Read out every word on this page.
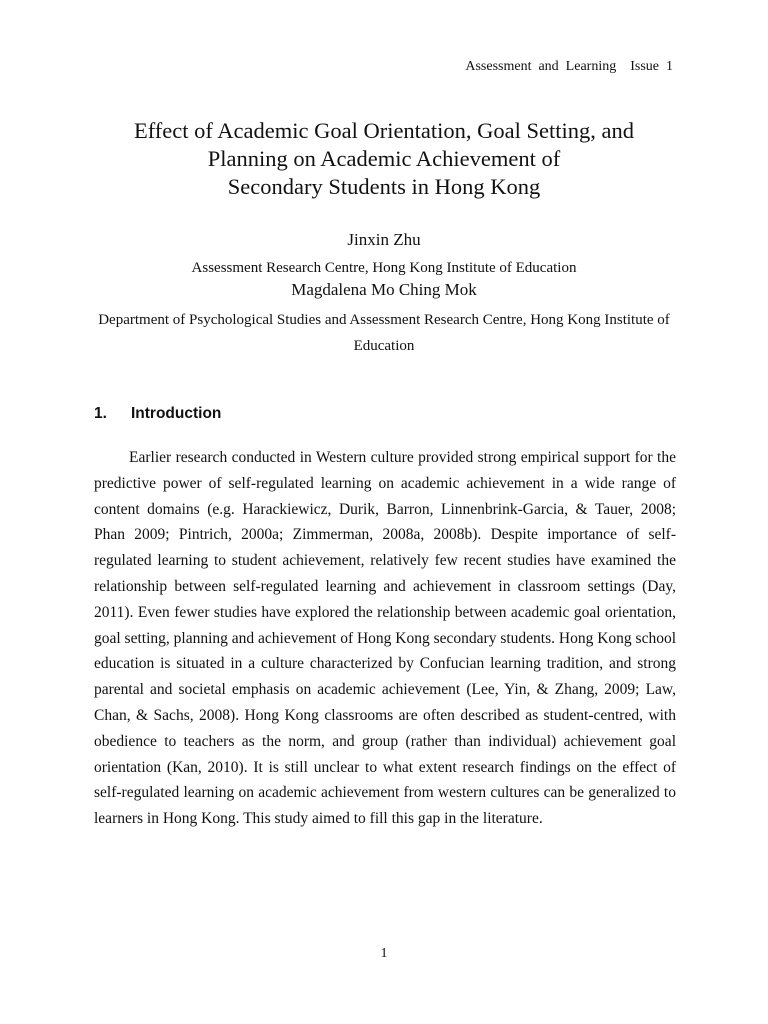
Assessment  and  Learning    Issue  1

Effect of Academic Goal Orientation, Goal Setting, and

Planning on Academic Achievement of

Secondary Students in Hong Kong

Jinxin Zhu

Assessment Research Centre, Hong Kong Institute of Education

Magdalena Mo Ching Mok

Department of Psychological Studies and Assessment Research Centre, Hong Kong Institute of Education
1. Introduction

Earlier research conducted in Western culture provided strong empirical support for the predictive power of self-regulated learning on academic achievement in a wide range of content domains (e.g. Harackiewicz, Durik, Barron, Linnenbrink-Garcia, & Tauer, 2008; Phan 2009; Pintrich, 2000a; Zimmerman, 2008a, 2008b). Despite importance of self-regulated learning to student achievement, relatively few recent studies have examined the relationship between self-regulated learning and achievement in classroom settings (Day, 2011). Even fewer studies have explored the relationship between academic goal orientation, goal setting, planning and achievement of Hong Kong secondary students. Hong Kong school education is situated in a culture characterized by Confucian learning tradition, and strong parental and societal emphasis on academic achievement (Lee, Yin, & Zhang, 2009; Law, Chan, & Sachs, 2008). Hong Kong classrooms are often described as student-centred, with obedience to teachers as the norm, and group (rather than individual) achievement goal orientation (Kan, 2010). It is still unclear to what extent research findings on the effect of self-regulated learning on academic achievement from western cultures can be generalized to learners in Hong Kong. This study aimed to fill this gap in the literature.

1
